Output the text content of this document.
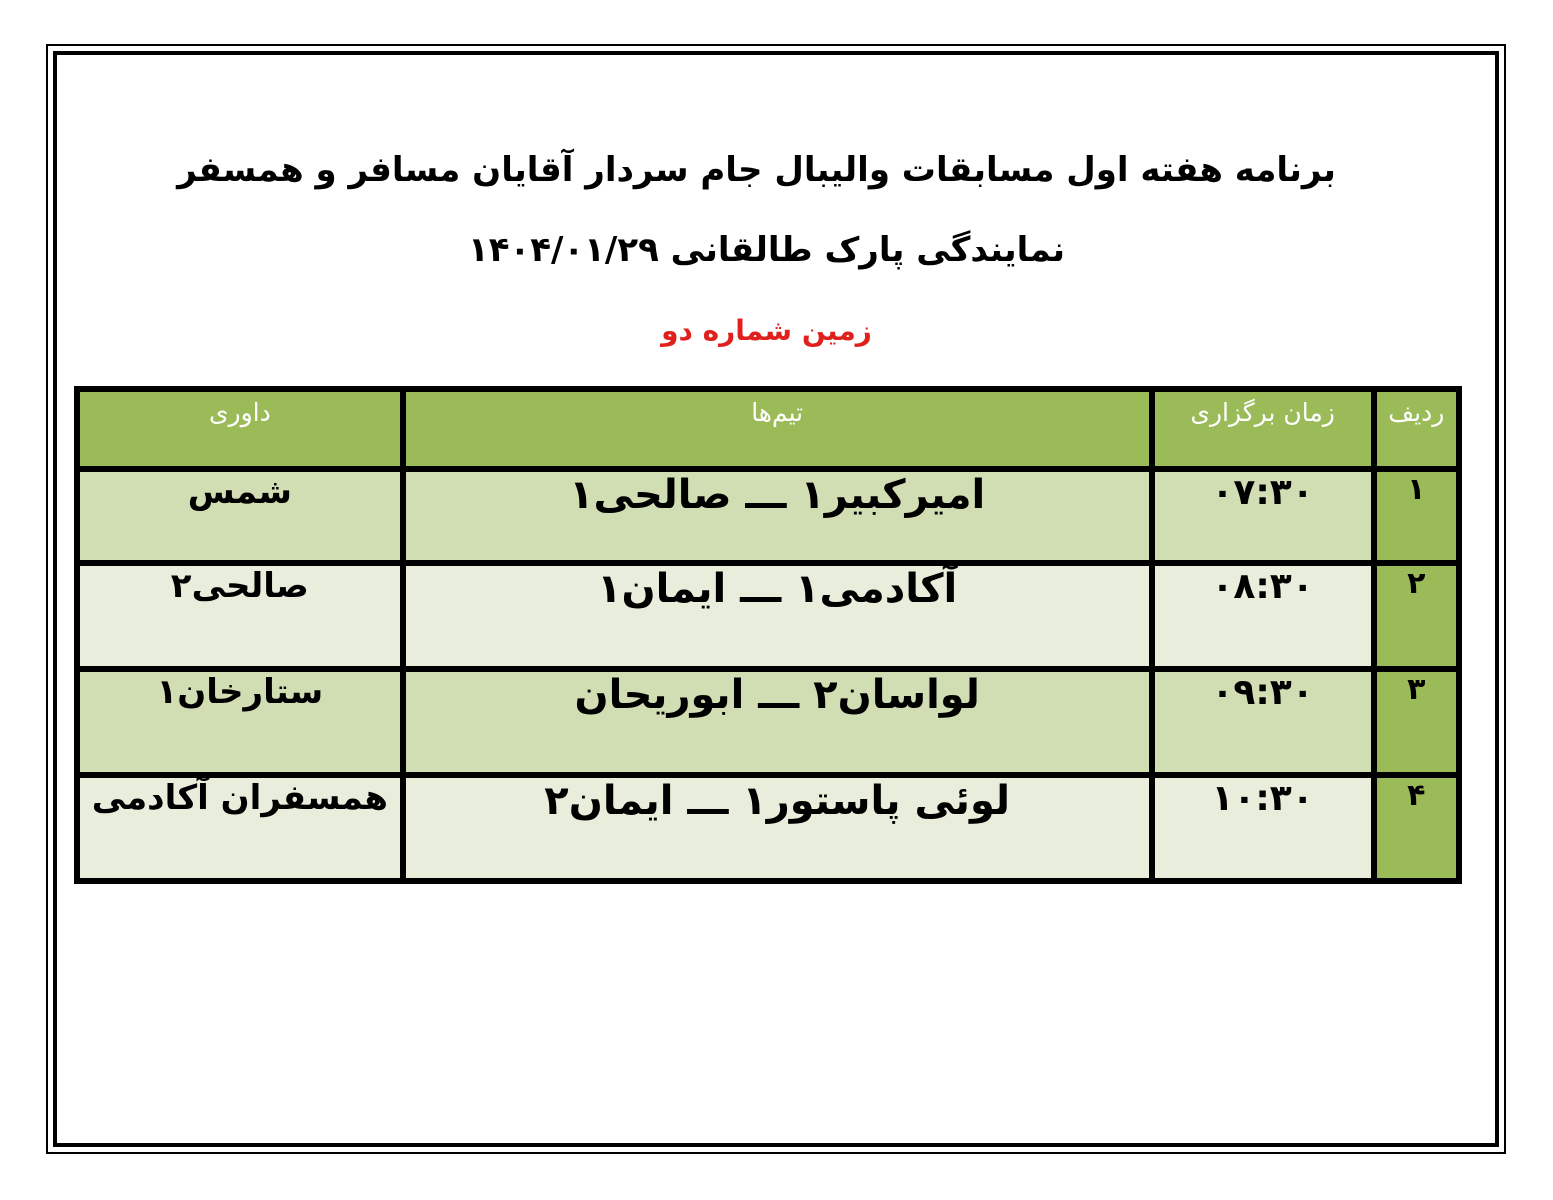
برنامه هفته اول مسابقات والیبال جام سردار آقایان مسافر و همسفر
نمایندگی پارک طالقانی ۱۴۰۴/۰۱/۲۹
زمین شماره دو
ردیف	زمان برگزاری	تیم‌ها	داوری
۱	۰۷:۳۰	امیرکبیر۱ ـــ صالحی۱	شمس
۲	۰۸:۳۰	آکادمی۱ ـــ ایمان۱	صالحی۲
۳	۰۹:۳۰	لواسان۲ ـــ ابوریحان	ستارخان۱
۴	۱۰:۳۰	لوئی پاستور۱ ـــ ایمان۲	همسفران آکادمی
